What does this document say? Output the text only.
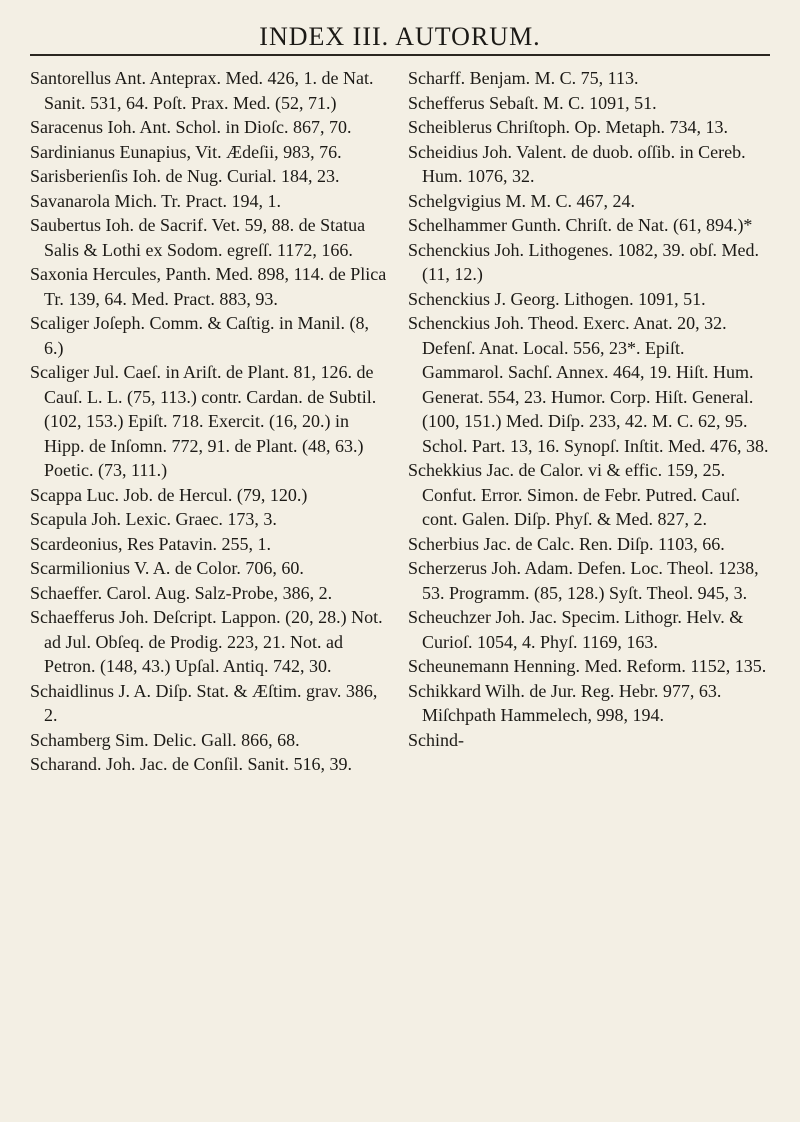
INDEX III. AUTORUM.

Santorellus Ant. Anteprax. Med. 426, 1. de Nat. Sanit. 531, 64. Poſt. Prax. Med. (52, 71.)

Saracenus Ioh. Ant. Schol. in Dioſc. 867, 70.

Sardinianus Eunapius, Vit. Ædeſii, 983, 76.

Sarisberienſis Ioh. de Nug. Curial. 184, 23.

Savanarola Mich. Tr. Pract. 194, 1.

Saubertus Ioh. de Sacrif. Vet. 59, 88. de Statua Salis & Lothi ex Sodom. egreſſ. 1172, 166.

Saxonia Hercules, Panth. Med. 898, 114. de Plica Tr. 139, 64. Med. Pract. 883, 93.

Scaliger Joſeph. Comm. & Caſtig. in Manil. (8, 6.)

Scaliger Jul. Caeſ. in Ariſt. de Plant. 81, 126. de Cauſ. L. L. (75, 113.) contr. Cardan. de Subtil. (102, 153.) Epiſt. 718. Exercit. (16, 20.) in Hipp. de Inſomn. 772, 91. de Plant. (48, 63.) Poetic. (73, 111.)

Scappa Luc. Job. de Hercul. (79, 120.)

Scapula Joh. Lexic. Graec. 173, 3.

Scardeonius, Res Patavin. 255, 1.

Scarmilionius V. A. de Color. 706, 60.

Schaeffer. Carol. Aug. Salz-Probe, 386, 2.

Schaefferus Joh. Deſcript. Lappon. (20, 28.) Not. ad Jul. Obſeq. de Prodig. 223, 21. Not. ad Petron. (148, 43.) Upſal. Antiq. 742, 30.

Schaidlinus J. A. Diſp. Stat. & Æſtim. grav. 386, 2.

Schamberg Sim. Delic. Gall. 866, 68.

Scharand. Joh. Jac. de Conſil. Sanit. 516, 39.

Scharff. Benjam. M. C. 75, 113.

Schefferus Sebaſt. M. C. 1091, 51.

Scheiblerus Chriſtoph. Op. Metaph. 734, 13.

Scheidius Joh. Valent. de duob. oſſib. in Cereb. Hum. 1076, 32.

Schelgvigius M. M. C. 467, 24.

Schelhammer Gunth. Chriſt. de Nat. (61, 894.)*

Schenckius Joh. Lithogenes. 1082, 39. obſ. Med. (11, 12.)

Schenckius J. Georg. Lithogen. 1091, 51.

Schenckius Joh. Theod. Exerc. Anat. 20, 32. Defenſ. Anat. Local. 556, 23*. Epiſt. Gammarol. Sachſ. Annex. 464, 19. Hiſt. Hum. Generat. 554, 23. Humor. Corp. Hiſt. General. (100, 151.) Med. Diſp. 233, 42. M. C. 62, 95. Schol. Part. 13, 16. Synopſ. Inſtit. Med. 476, 38.

Schekkius Jac. de Calor. vi & effic. 159, 25. Confut. Error. Simon. de Febr. Putred. Cauſ. cont. Galen. Diſp. Phyſ. & Med. 827, 2.

Scherbius Jac. de Calc. Ren. Diſp. 1103, 66.

Scherzerus Joh. Adam. Defen. Loc. Theol. 1238, 53. Programm. (85, 128.) Syſt. Theol. 945, 3.

Scheuchzer Joh. Jac. Specim. Lithogr. Helv. & Curioſ. 1054, 4. Phyſ. 1169, 163.

Scheunemann Henning. Med. Reform. 1152, 135.

Schikkard Wilh. de Jur. Reg. Hebr. 977, 63. Miſchpath Hammelech, 998, 194.

Schind-
